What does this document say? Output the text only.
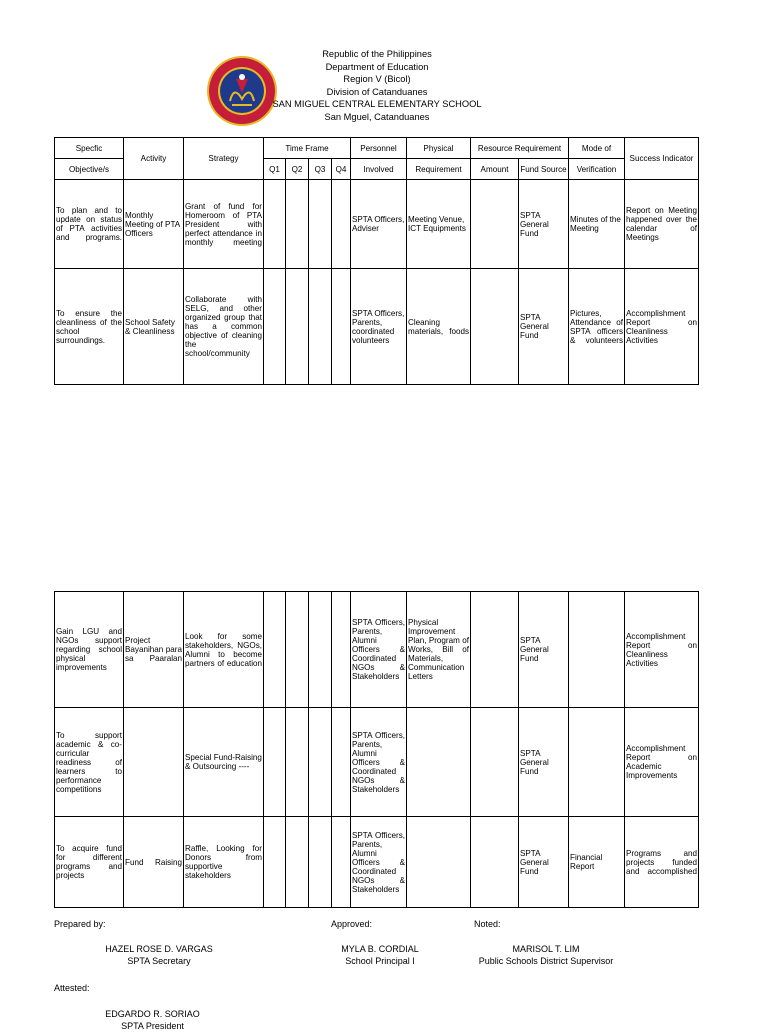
Republic of the Philippines
Department of Education
Region V (Bicol)
Division of Catanduanes
SAN MIGUEL CENTRAL ELEMENTARY SCHOOL
San Mguel, Catanduanes
Specfic	Activity	Strategy	Time Frame				Personnel	Physical	Resource Requirement		Mode of	Success Indicator
Objective/s			Q1	Q2	Q3	Q4	Involved	Requirement	Amount	Fund Source	Verification	
To plan and to update on status of PTA activities and programs.	Monthly Meeting of PTA Officers	Grant of fund for Homeroom of PTA President with perfect attendance in monthly meeting					SPTA Officers, Adviser	Meeting Venue, ICT Equipments		SPTA General Fund	Minutes of the Meeting	Report on Meeting happened over the calendar of Meetings
To ensure the cleanliness of the school surroundings.	School Safety & Cleanliness	Collaborate with SELG, and other organized group that has a common objective of cleaning the school/community					SPTA Officers, Parents, coordinated volunteers	Cleaning materials, foods		SPTA General Fund	Pictures, Attendance of SPTA officers & volunteers	Accomplishment Report on Cleanliness Activities
Gain LGU and NGOs support regarding school physical improvements	Project Bayanihan para sa Paaralan	Look for some stakeholders, NGOs, Alumni to become partners of education					SPTA Officers, Parents, Alumni Officers & Coordinated NGOs & Stakeholders	Physical Improvement Plan, Program of Works, Bill of Materials, Communication Letters		SPTA General Fund		Accomplishment Report on Cleanliness Activities
To support academic & co-curricular readiness of learners to performance competitions		Special Fund-Raising & Outsourcing ----					SPTA Officers, Parents, Alumni Officers & Coordinated NGOs & Stakeholders			SPTA General Fund		Accomplishment Report on Academic Improvements
To acquire fund for different programs and projects	Fund Raising	Raffle, Looking for Donors from supportive stakeholders					SPTA Officers, Parents, Alumni Officers & Coordinated NGOs & Stakeholders			SPTA General Fund	Financial Report	Programs and projects funded and accomplished
Prepared by:	Approved:	Noted:
HAZEL ROSE D. VARGAS
SPTA Secretary
MYLA B. CORDIAL
School Principal I
MARISOL T. LIM
Public Schools District Supervisor
Attested:
EDGARDO R. SORIAO
SPTA President
